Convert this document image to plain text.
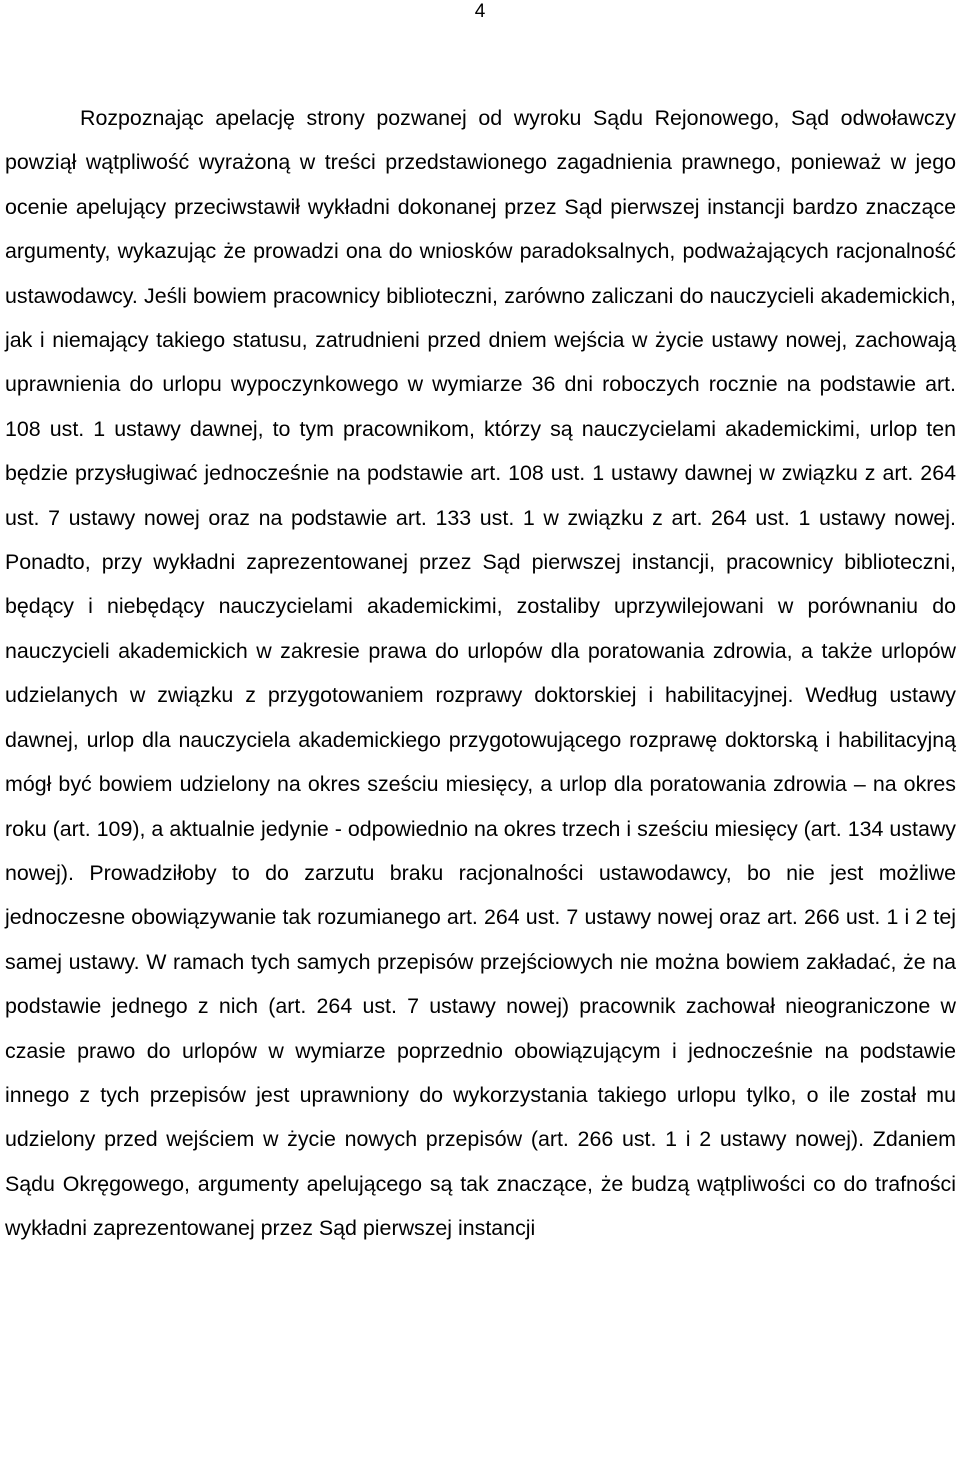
4

Rozpoznając apelację strony pozwanej od wyroku Sądu Rejonowego, Sąd odwoławczy powziął wątpliwość wyrażoną w treści przedstawionego zagadnienia prawnego, ponieważ w jego ocenie apelujący przeciwstawił wykładni dokonanej przez Sąd pierwszej instancji bardzo znaczące argumenty, wykazując że prowadzi ona do wniosków paradoksalnych, podważających racjonalność ustawodawcy. Jeśli bowiem pracownicy biblioteczni, zarówno zaliczani do nauczycieli akademickich, jak i niemający takiego statusu, zatrudnieni przed dniem wejścia w życie ustawy nowej, zachowają uprawnienia do urlopu wypoczynkowego w wymiarze 36 dni roboczych rocznie na podstawie art. 108 ust. 1 ustawy dawnej, to tym pracownikom, którzy są nauczycielami akademickimi, urlop ten będzie przysługiwać jednocześnie na podstawie art. 108 ust. 1 ustawy dawnej w związku z art. 264 ust. 7 ustawy nowej oraz na podstawie art. 133 ust. 1 w związku z art. 264 ust. 1 ustawy nowej. Ponadto, przy wykładni zaprezentowanej przez Sąd pierwszej instancji, pracownicy biblioteczni, będący i niebędący nauczycielami akademickimi, zostaliby uprzywilejowani w porównaniu do nauczycieli akademickich w zakresie prawa do urlopów dla poratowania zdrowia, a także urlopów udzielanych w związku z przygotowaniem rozprawy doktorskiej i habilitacyjnej. Według ustawy dawnej, urlop dla nauczyciela akademickiego przygotowującego rozprawę doktorską i habilitacyjną mógł być bowiem udzielony na okres sześciu miesięcy, a urlop dla poratowania zdrowia – na okres roku (art. 109), a aktualnie jedynie - odpowiednio na okres trzech i sześciu miesięcy (art. 134 ustawy nowej). Prowadziłoby to do zarzutu braku racjonalności ustawodawcy, bo nie jest możliwe jednoczesne obowiązywanie tak rozumianego art. 264 ust. 7 ustawy nowej oraz art. 266 ust. 1 i 2 tej samej ustawy. W ramach tych samych przepisów przejściowych nie można bowiem zakładać, że na podstawie jednego z nich (art. 264 ust. 7 ustawy nowej) pracownik zachował nieograniczone w czasie prawo do urlopów w wymiarze poprzednio obowiązującym i jednocześnie na podstawie innego z tych przepisów jest uprawniony do wykorzystania takiego urlopu tylko, o ile został mu udzielony przed wejściem w życie nowych przepisów (art. 266 ust. 1 i 2 ustawy nowej). Zdaniem Sądu Okręgowego, argumenty apelującego są tak znaczące, że budzą wątpliwości co do trafności wykładni zaprezentowanej przez Sąd pierwszej instancji
